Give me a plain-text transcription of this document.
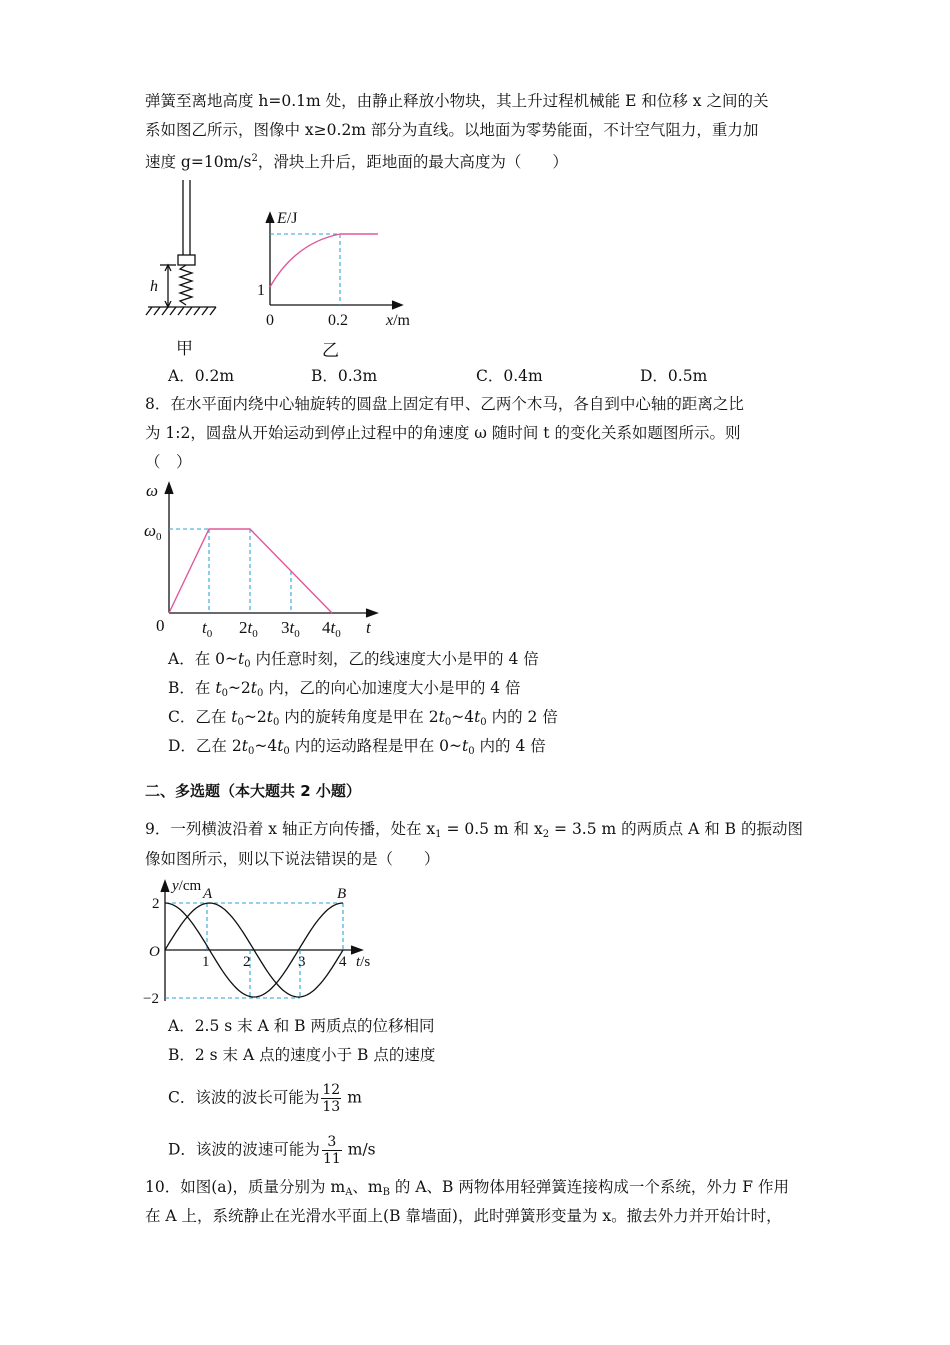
弹簧至离地高度 h=0.1m 处，由静止释放小物块，其上升过程机械能 E 和位移 x 之间的关
系如图乙所示，图像中 x≥0.2m 部分为直线。以地面为零势能面，不计空气阻力，重力加
速度 $g=10m/s^2$，滑块上升后，距地面的最大高度为（　　）
h
甲
E/J
1
0	0.2 x/m
乙
A．0.2m	B．0.3m	C．0.4m	D．0.5m
8．在水平面内绕中心轴旋转的圆盘上固定有甲、乙两个木马，各自到中心轴的距离之比
为 1:2，圆盘从开始运动到停止过程中的角速度 ω 随时间 t 的变化关系如题图所示。则
（　）
ω
$\omega_0$
0 $t_0$ $2t_0$ $3t_0$ $4t_0$ t
A．在 $0\sim t_0$ 内任意时刻，乙的线速度大小是甲的 4 倍
B．在 $t_0\sim 2t_0$ 内，乙的向心加速度大小是甲的 4 倍
C．乙在 $t_0\sim 2t_0$ 内的旋转角度是甲在 $2t_0\sim 4t_0$ 内的 2 倍
D．乙在 $2t_0\sim 4t_0$ 内的运动路程是甲在 $0\sim t_0$ 内的 4 倍
二、多选题（本大题共 2 小题）
9．一列横波沿着 x 轴正方向传播，处在 $x_1 = 0.5$ m 和 $x_2 = 3.5$ m 的两质点 A 和 B 的振动图
像如图所示，则以下说法错误的是（　　）
y/cm
2
−2
O
1 2	3 4 t/s
A	B
A．2.5 s 末 A 和 B 两质点的位移相同
B．2 s 末 A 点的速度小于 B 点的速度
C．该波的波长可能为 $\frac{12}{13}$ m
D．该波的波速可能为 $\frac{3}{11} m/s$
10．如图(a)，质量分别为 $m_A$、$m_B$ 的 A、B 两物体用轻弹簧连接构成一个系统，外力 F 作用
在 A 上，系统静止在光滑水平面上(B 靠墙面)，此时弹簧形变量为 x。撤去外力并开始计时，
